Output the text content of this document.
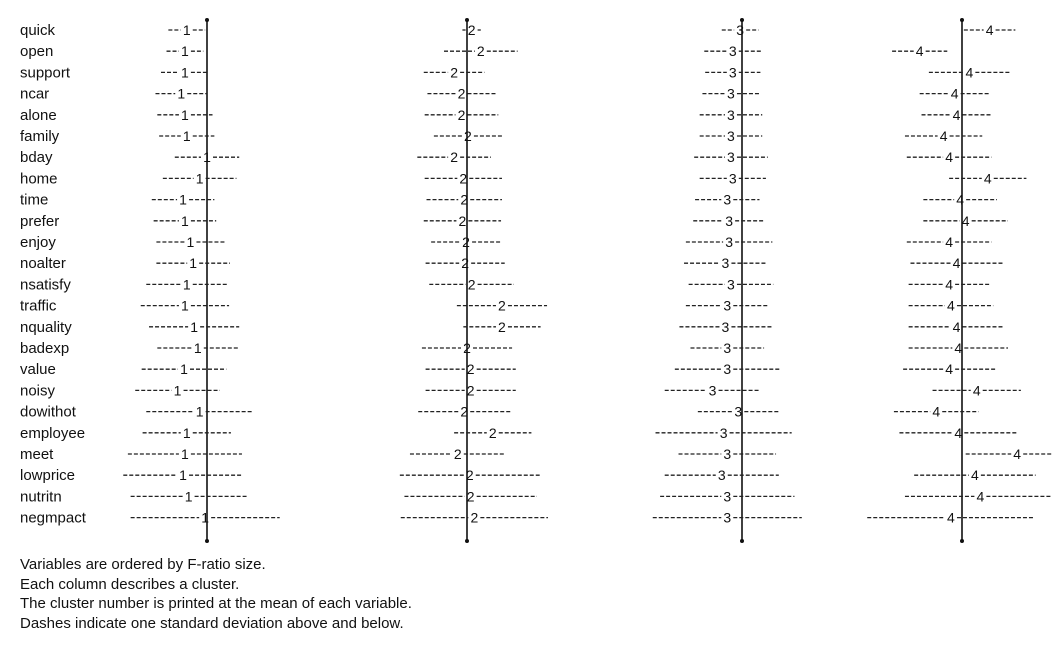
quick
open
support
ncar
alone
family
bday
home
time
prefer
enjoy
noalter
nsatisfy
traffic
nquality
badexp
value
noisy
dowithot
employee
meet
lowprice
nutritn
negmpact
1
1
1
1
1
1
1
1
1
1
1
1
1
1
1
1
1
1
1
1
1
1
1
1
2
2
2
2
2
2
2
2
2
2
2
2
2
2
2
2
2
2
2
2
2
2
2
2
3
3
3
3
3
3
3
3
3
3
3
3
3
3
3
3
3
3
3
3
3
3
3
3
4
4
4
4
4
4
4
4
4
4
4
4
4
4
4
4
4
4
4
4
4
4
4
4
Variables are ordered by F-ratio size.
Each column describes a cluster.
The cluster number is printed at the mean of each variable.
Dashes indicate one standard deviation above and below.
